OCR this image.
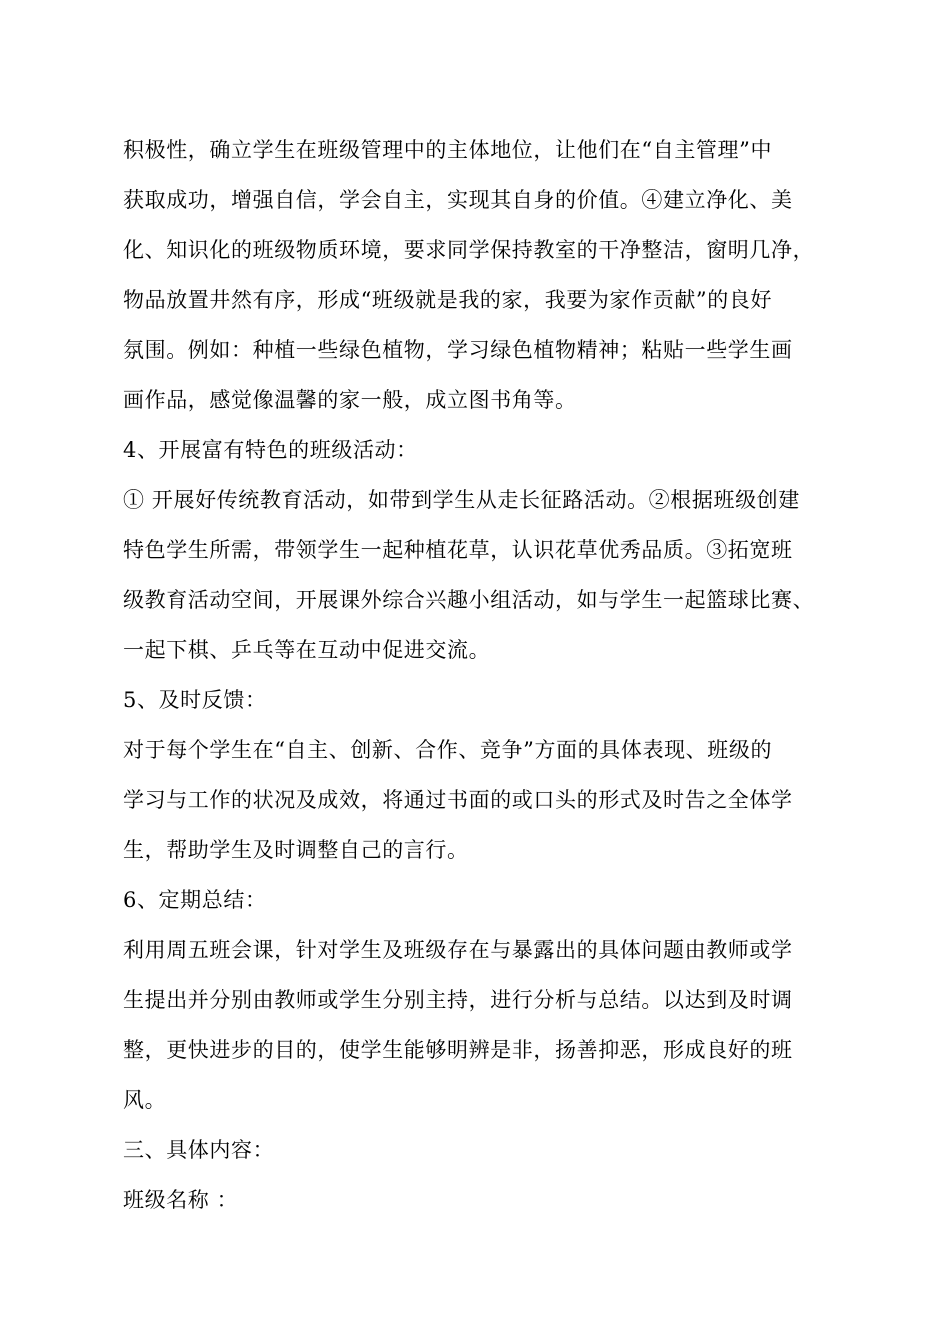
积极性，确立学生在班级管理中的主体地位，让他们在“自主管理”中
获取成功，增强自信，学会自主，实现其自身的价值。④建立净化、美
化、知识化的班级物质环境，要求同学保持教室的干净整洁，窗明几净，
物品放置井然有序，形成“班级就是我的家，我要为家作贡献”的良好
氛围。例如：种植一些绿色植物，学习绿色植物精神；粘贴一些学生画
画作品，感觉像温馨的家一般，成立图书角等。
4、开展富有特色的班级活动：
① 开展好传统教育活动，如带到学生从走长征路活动。②根据班级创建
特色学生所需，带领学生一起种植花草，认识花草优秀品质。③拓宽班
级教育活动空间，开展课外综合兴趣小组活动，如与学生一起篮球比赛、
一起下棋、乒乓等在互动中促进交流。
5、及时反馈：
对于每个学生在“自主、创新、合作、竞争”方面的具体表现、班级的
学习与工作的状况及成效，将通过书面的或口头的形式及时告之全体学
生，帮助学生及时调整自己的言行。
6、定期总结：
利用周五班会课，针对学生及班级存在与暴露出的具体问题由教师或学
生提出并分别由教师或学生分别主持，进行分析与总结。以达到及时调
整，更快进步的目的，使学生能够明辨是非，扬善抑恶，形成良好的班
风。
三、具体内容：
班级名称 ：
